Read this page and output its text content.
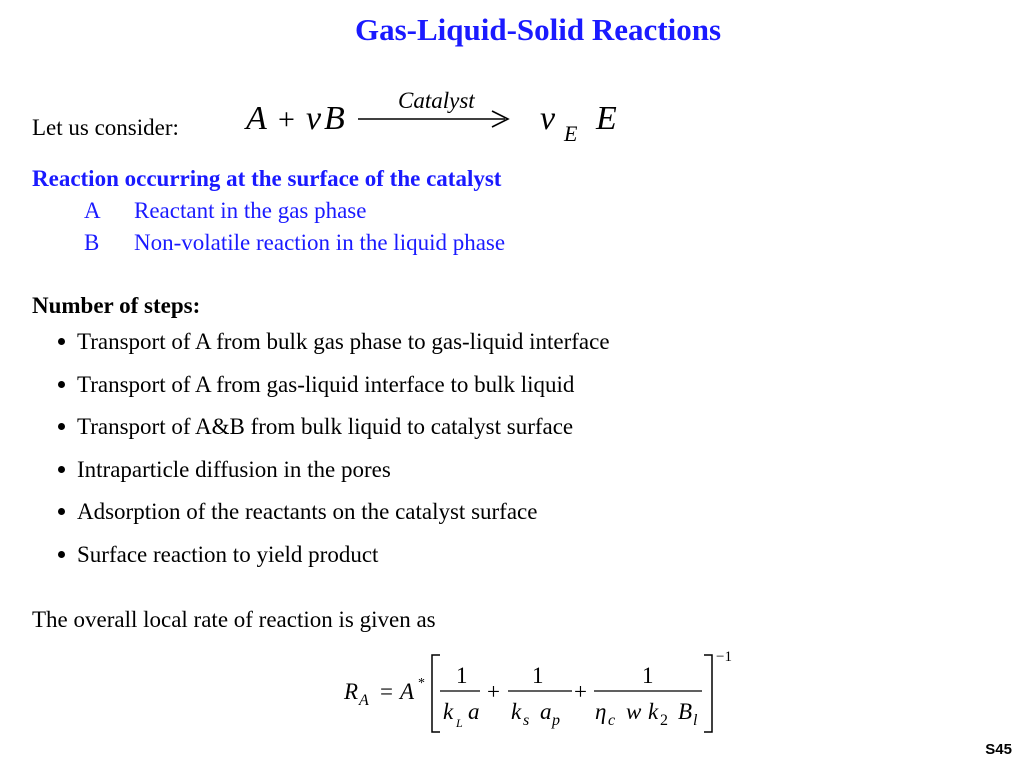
Gas-Liquid-Solid Reactions
Let us consider: A + ν B Catalyst ν E E
Reaction occurring at the surface of the catalyst
A Reactant in the gas phase
B Non-volatile reaction in the liquid phase
Number of steps:
Transport of A from bulk gas phase to gas-liquid interface
Transport of A from gas-liquid interface to bulk liquid
Transport of A&B from bulk liquid to catalyst surface
Intraparticle diffusion in the pores
Adsorption of the reactants on the catalyst surface
Surface reaction to yield product
The overall local rate of reaction is given as
R A = A * 1
k L a
+
1
k s a p
+
1
η c w k 2 B l
−1
S45
